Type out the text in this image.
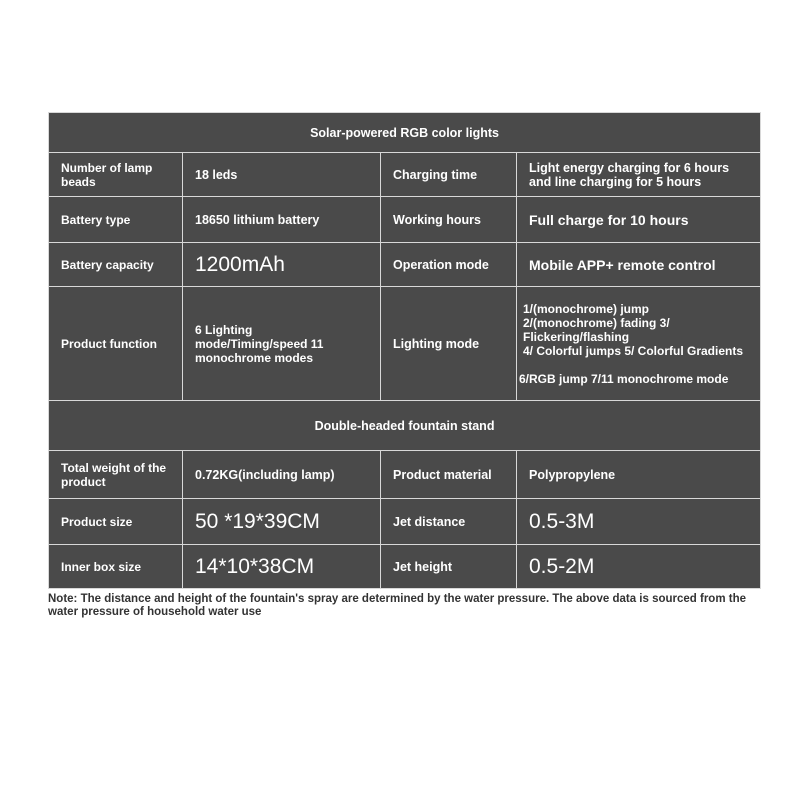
Solar-powered RGB color lights			
Number of lamp beads	18 leds	Charging time	Light energy charging for 6 hours and line charging for 5 hours
Battery type	18650 lithium battery	Working hours	Full charge for 10 hours
Battery capacity	1200mAh	Operation mode	Mobile APP+ remote control
Product function	6 Lighting mode/Timing/speed 11 monochrome modes	Lighting mode	1/(monochrome) jump
2/(monochrome) fading 3/ Flickering/flashing
4/ Colorful jumps 5/ Colorful Gradients
6/RGB jump 7/11 monochrome mode

Double-headed fountain stand			
Total weight of the product	0.72KG(including lamp)	Product material	Polypropylene
Product size	50 *19*39CM	Jet distance	0.5-3M
Inner box size	14*10*38CM	Jet height	0.5-2M
Note: The distance and height of the fountain's spray are determined by the water pressure. The above data is sourced from the water pressure of household water use
